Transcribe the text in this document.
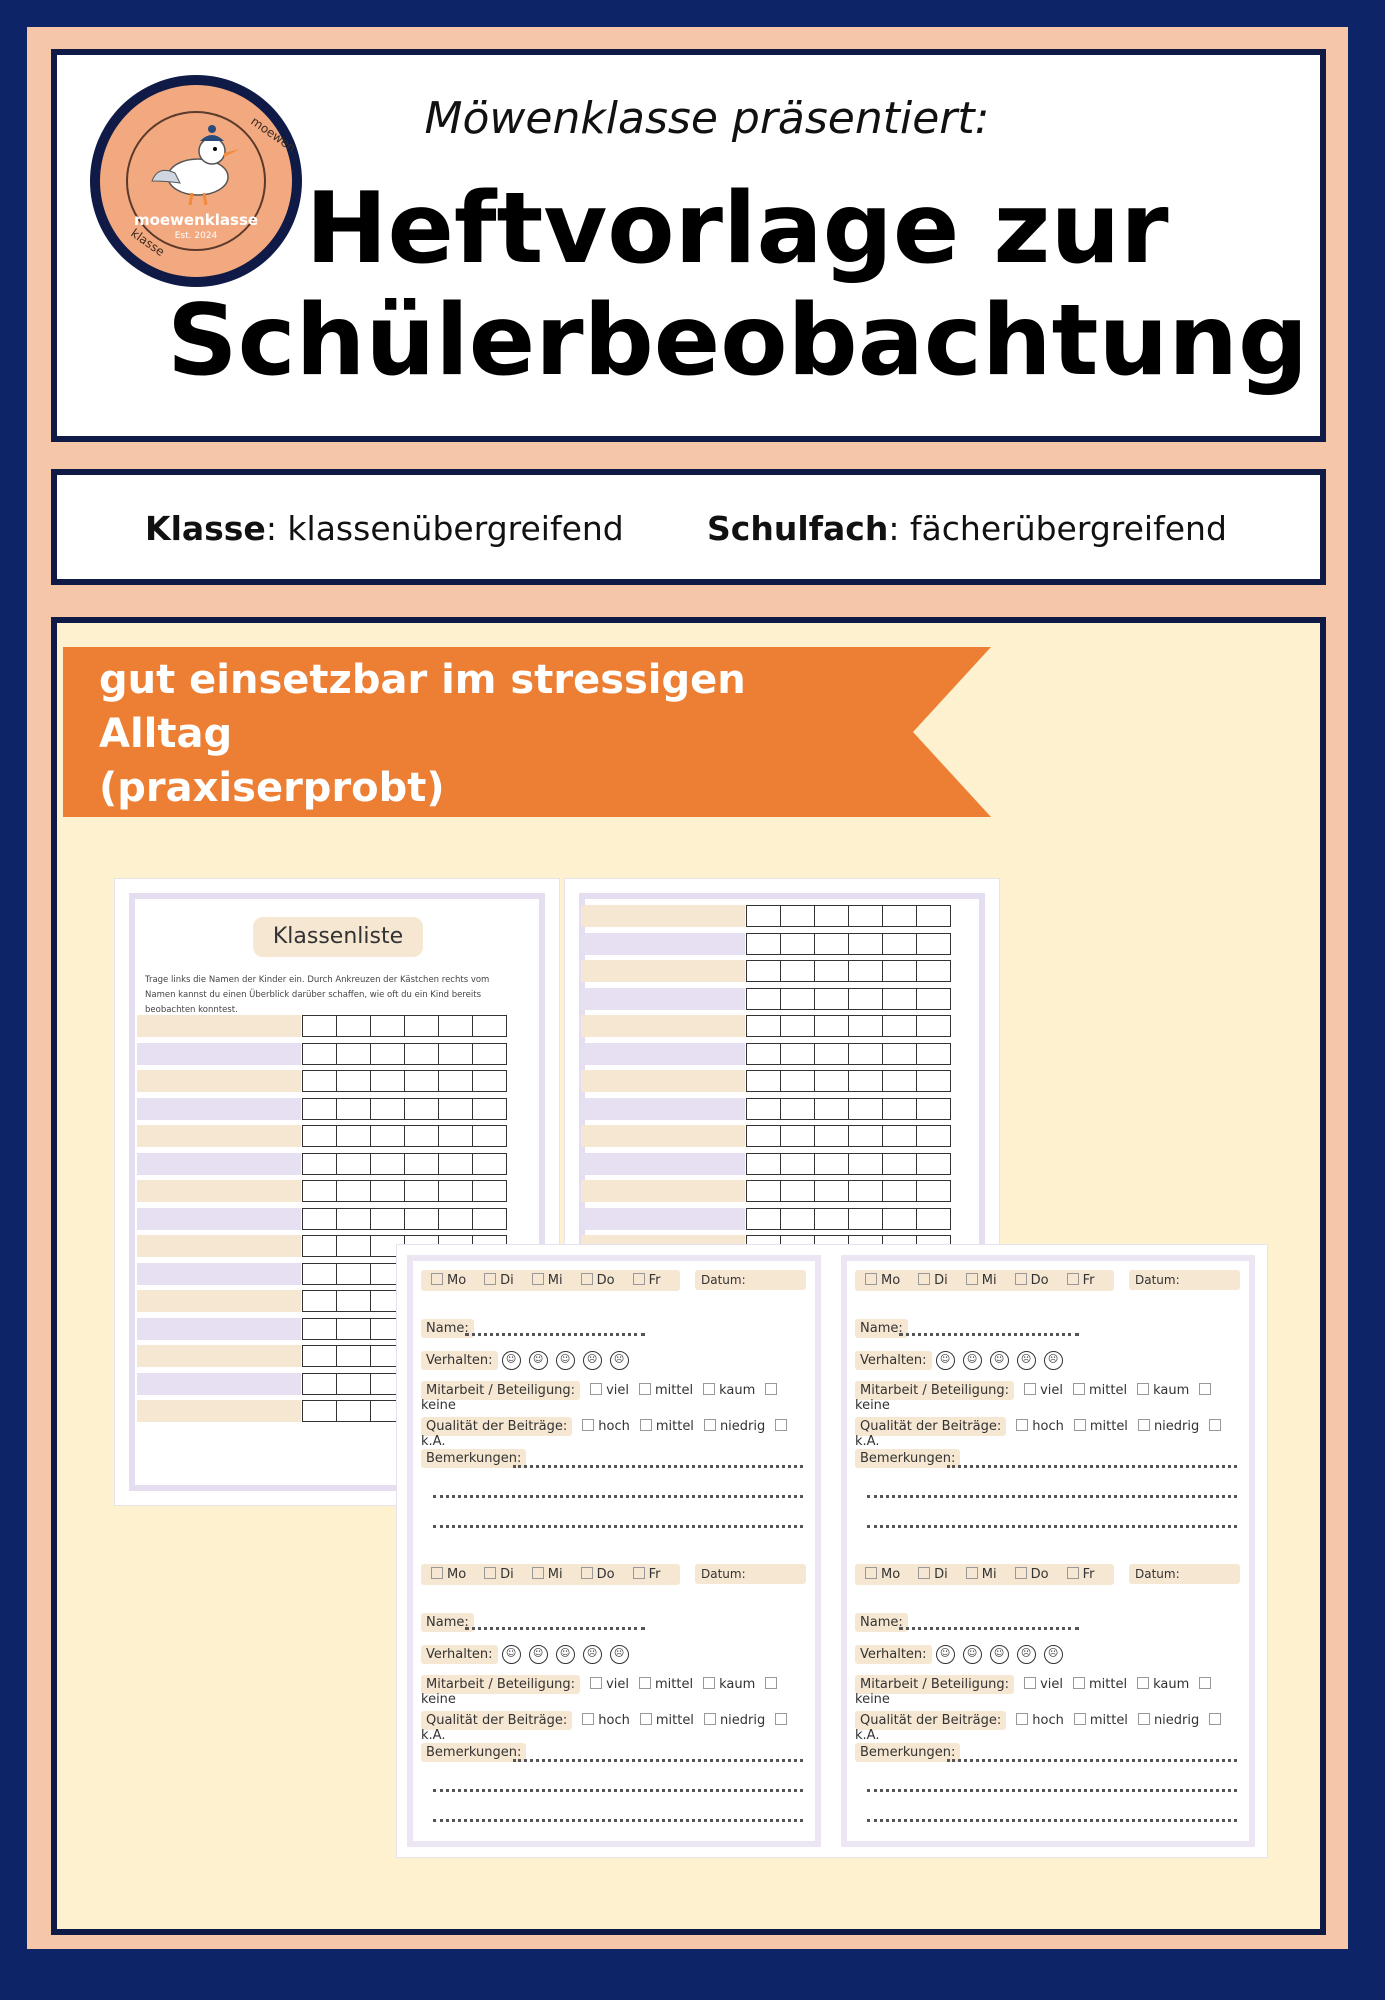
moewen
klasse
moewenklasse
Est. 2024
Möwenklasse präsentiert:
Heftvorlage zur
Schülerbeobachtung
Klasse: klassenübergreifend	Schulfach: fächerübergreifend
gut einsetzbar im stressigen Alltag
(praxiserprobt)
Klassenliste
Trage links die Namen der Kinder ein. Durch Ankreuzen der Kästchen rechts vom Namen kannst du einen Überblick darüber schaffen, wie oft du ein Kind bereits beobachten konntest.
Mo	Di	Mi	Do	Fr	Datum:
Name:
Verhalten: ☺ ☺ ☺ ☹ ☹
Mitarbeit / Beteiligung: viel mittel kaumkeine
Qualität der Beiträge: hoch mittel niedrigk.A.
Bemerkungen:
Mo	Di	Mi	Do	Fr	Datum:
Name:
Verhalten: ☺ ☺ ☺ ☹ ☹
Mitarbeit / Beteiligung: viel mittel kaumkeine
Qualität der Beiträge: hoch mittel niedrigk.A.
Bemerkungen:
Mo	Di	Mi	Do	Fr	Datum:
Name:
Verhalten: ☺ ☺ ☺ ☹ ☹
Mitarbeit / Beteiligung: viel mittel kaumkeine
Qualität der Beiträge: hoch mittel niedrigk.A.
Bemerkungen:
Mo	Di	Mi	Do	Fr	Datum:
Name:
Verhalten: ☺ ☺ ☺ ☹ ☹
Mitarbeit / Beteiligung: viel mittel kaumkeine
Qualität der Beiträge: hoch mittel niedrigk.A.
Bemerkungen:
